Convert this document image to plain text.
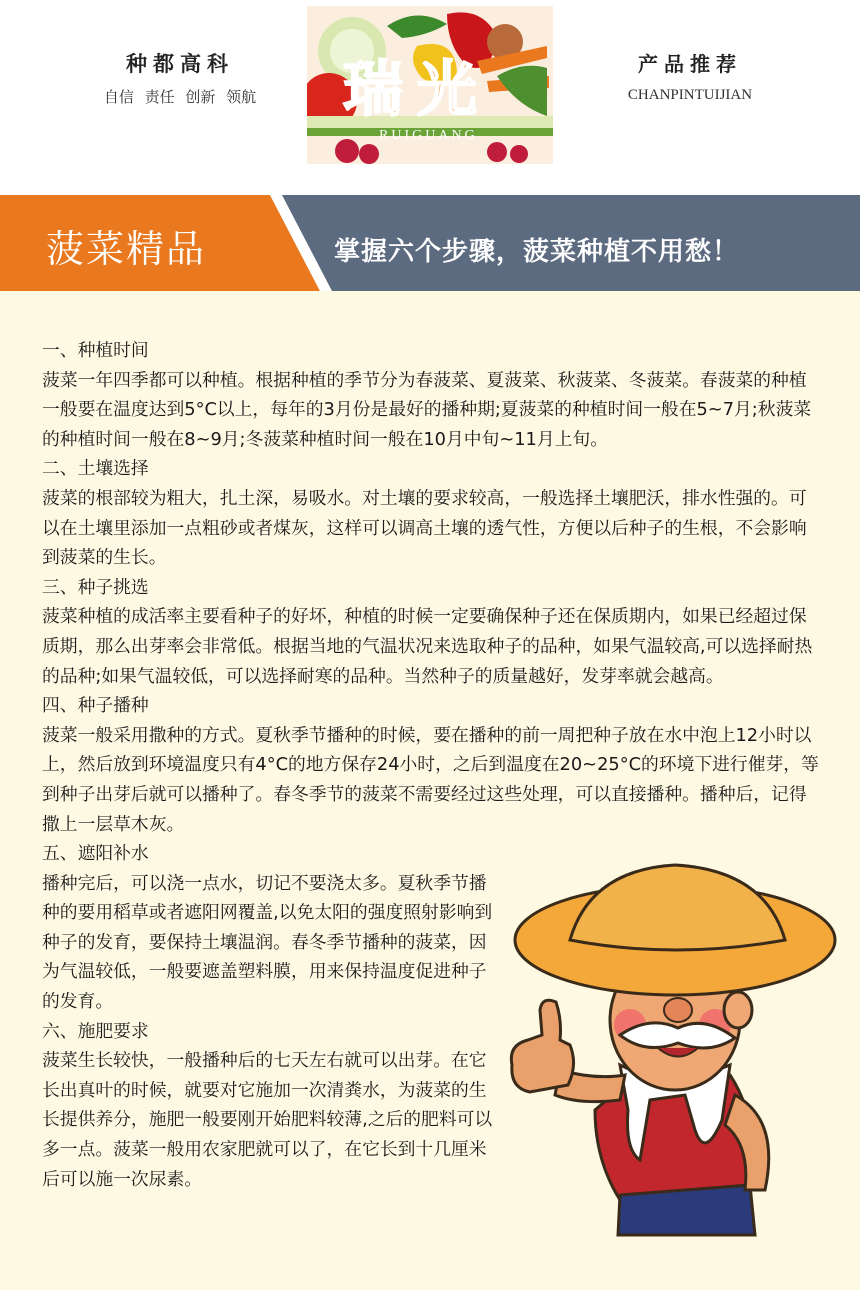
种都高科
自信 责任 创新 领航	瑞光
RUIGUANG
产品推荐
CHANPINTUIJIAN
菠菜精品	掌握六个步骤，菠菜种植不用愁！

一、种植时间

菠菜一年四季都可以种植。根据种植的季节分为春菠菜、夏菠菜、秋菠菜、冬菠菜。春菠菜的种植一般要在温度达到5°C以上，每年的3月份是最好的播种期;夏菠菜的种植时间一般在5~7月;秋菠菜的种植时间一般在8~9月;冬菠菜种植时间一般在10月中旬~11月上旬。

二、土壤选择

菠菜的根部较为粗大，扎土深，易吸水。对土壤的要求较高，一般选择土壤肥沃，排水性强的。可以在土壤里添加一点粗砂或者煤灰，这样可以调高土壤的透气性，方便以后种子的生根，不会影响到菠菜的生长。

三、种子挑选

菠菜种植的成活率主要看种子的好坏，种植的时候一定要确保种子还在保质期内，如果已经超过保质期，那么出芽率会非常低。根据当地的气温状况来选取种子的品种，如果气温较高,可以选择耐热的品种;如果气温较低，可以选择耐寒的品种。当然种子的质量越好，发芽率就会越高。

四、种子播种

菠菜一般采用撒种的方式。夏秋季节播种的时候，要在播种的前一周把种子放在水中泡上12小时以上，然后放到环境温度只有4°C的地方保存24小时，之后到温度在20~25°C的环境下进行催芽，等到种子出芽后就可以播种了。春冬季节的菠菜不需要经过这些处理，可以直接播种。播种后，记得撒上一层草木灰。

五、遮阳补水

播种完后，可以浇一点水，切记不要浇太多。夏秋季节播种的要用稻草或者遮阳网覆盖,以免太阳的强度照射影响到种子的发育，要保持土壤温润。春冬季节播种的菠菜，因为气温较低，一般要遮盖塑料膜，用来保持温度促进种子的发育。

六、施肥要求

菠菜生长较快，一般播种后的七天左右就可以出芽。在它长出真叶的时候，就要对它施加一次清粪水，为菠菜的生长提供养分，施肥一般要刚开始肥料较薄,之后的肥料可以多一点。菠菜一般用农家肥就可以了，在它长到十几厘米后可以施一次尿素。
